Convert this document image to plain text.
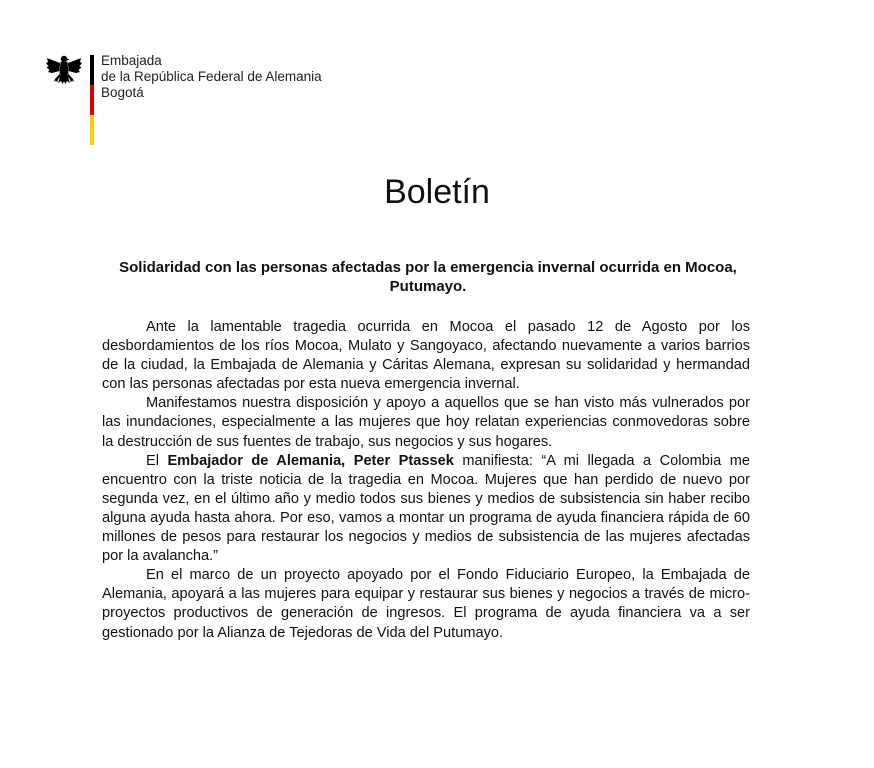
Embajada
de la República Federal de Alemania
Bogotá
Boletín
Solidaridad con las personas afectadas por la emergencia invernal ocurrida en Mocoa, Putumayo.

Ante la lamentable tragedia ocurrida en Mocoa el pasado 12 de Agosto por los desbordamientos de los ríos Mocoa, Mulato y Sangoyaco, afectando nuevamente a varios barrios de la ciudad, la Embajada de Alemania y Cáritas Alemana, expresan su solidaridad y hermandad con las personas afectadas por esta nueva emergencia invernal.

Manifestamos nuestra disposición y apoyo a aquellos que se han visto más vulnerados por las inundaciones, especialmente a las mujeres que hoy relatan experiencias conmovedoras sobre la destrucción de sus fuentes de trabajo, sus negocios y sus hogares.

El Embajador de Alemania, Peter Ptassek manifiesta: “A mi llegada a Colombia me encuentro con la triste noticia de la tragedia en Mocoa. Mujeres que han perdido de nuevo por segunda vez, en el último año y medio todos sus bienes y medios de subsistencia sin haber recibo alguna ayuda hasta ahora. Por eso, vamos a montar un programa de ayuda financiera rápida de 60 millones de pesos para restaurar los negocios y medios de subsistencia de las mujeres afectadas por la avalancha.”

En el marco de un proyecto apoyado por el Fondo Fiduciario Europeo, la Embajada de Alemania, apoyará a las mujeres para equipar y restaurar sus bienes y negocios a través de micro-proyectos productivos de generación de ingresos. El programa de ayuda financiera va a ser gestionado por la Alianza de Tejedoras de Vida del Putumayo.
